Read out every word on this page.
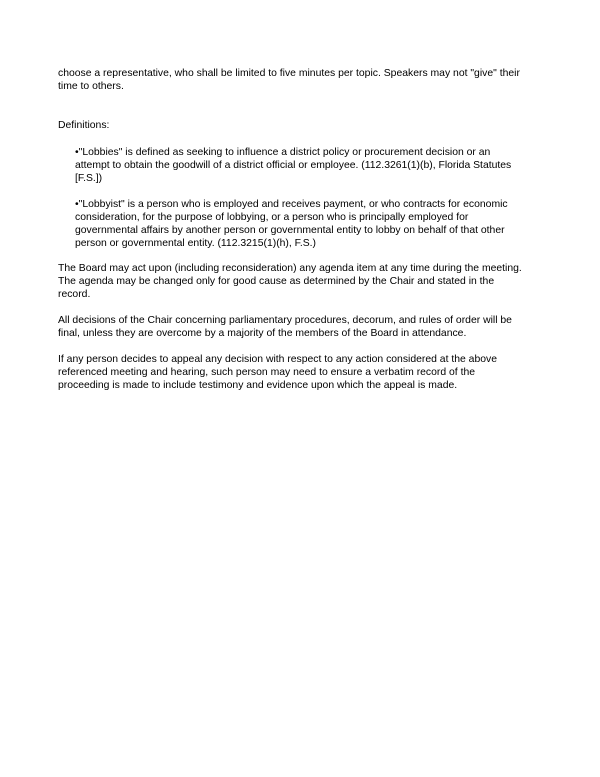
choose a representative, who shall be limited to five minutes per topic. Speakers may not "give" their
time to others.

Definitions:

•"Lobbies" is defined as seeking to influence a district policy or procurement decision or an
attempt to obtain the goodwill of a district official or employee. (112.3261(1)(b), Florida Statutes
[F.S.])

•"Lobbyist" is a person who is employed and receives payment, or who contracts for economic
consideration, for the purpose of lobbying, or a person who is principally employed for
governmental affairs by another person or governmental entity to lobby on behalf of that other
person or governmental entity. (112.3215(1)(h), F.S.)

The Board may act upon (including reconsideration) any agenda item at any time during the meeting.
The agenda may be changed only for good cause as determined by the Chair and stated in the
record.

All decisions of the Chair concerning parliamentary procedures, decorum, and rules of order will be
final, unless they are overcome by a majority of the members of the Board in attendance.

If any person decides to appeal any decision with respect to any action considered at the above
referenced meeting and hearing, such person may need to ensure a verbatim record of the
proceeding is made to include testimony and evidence upon which the appeal is made.
